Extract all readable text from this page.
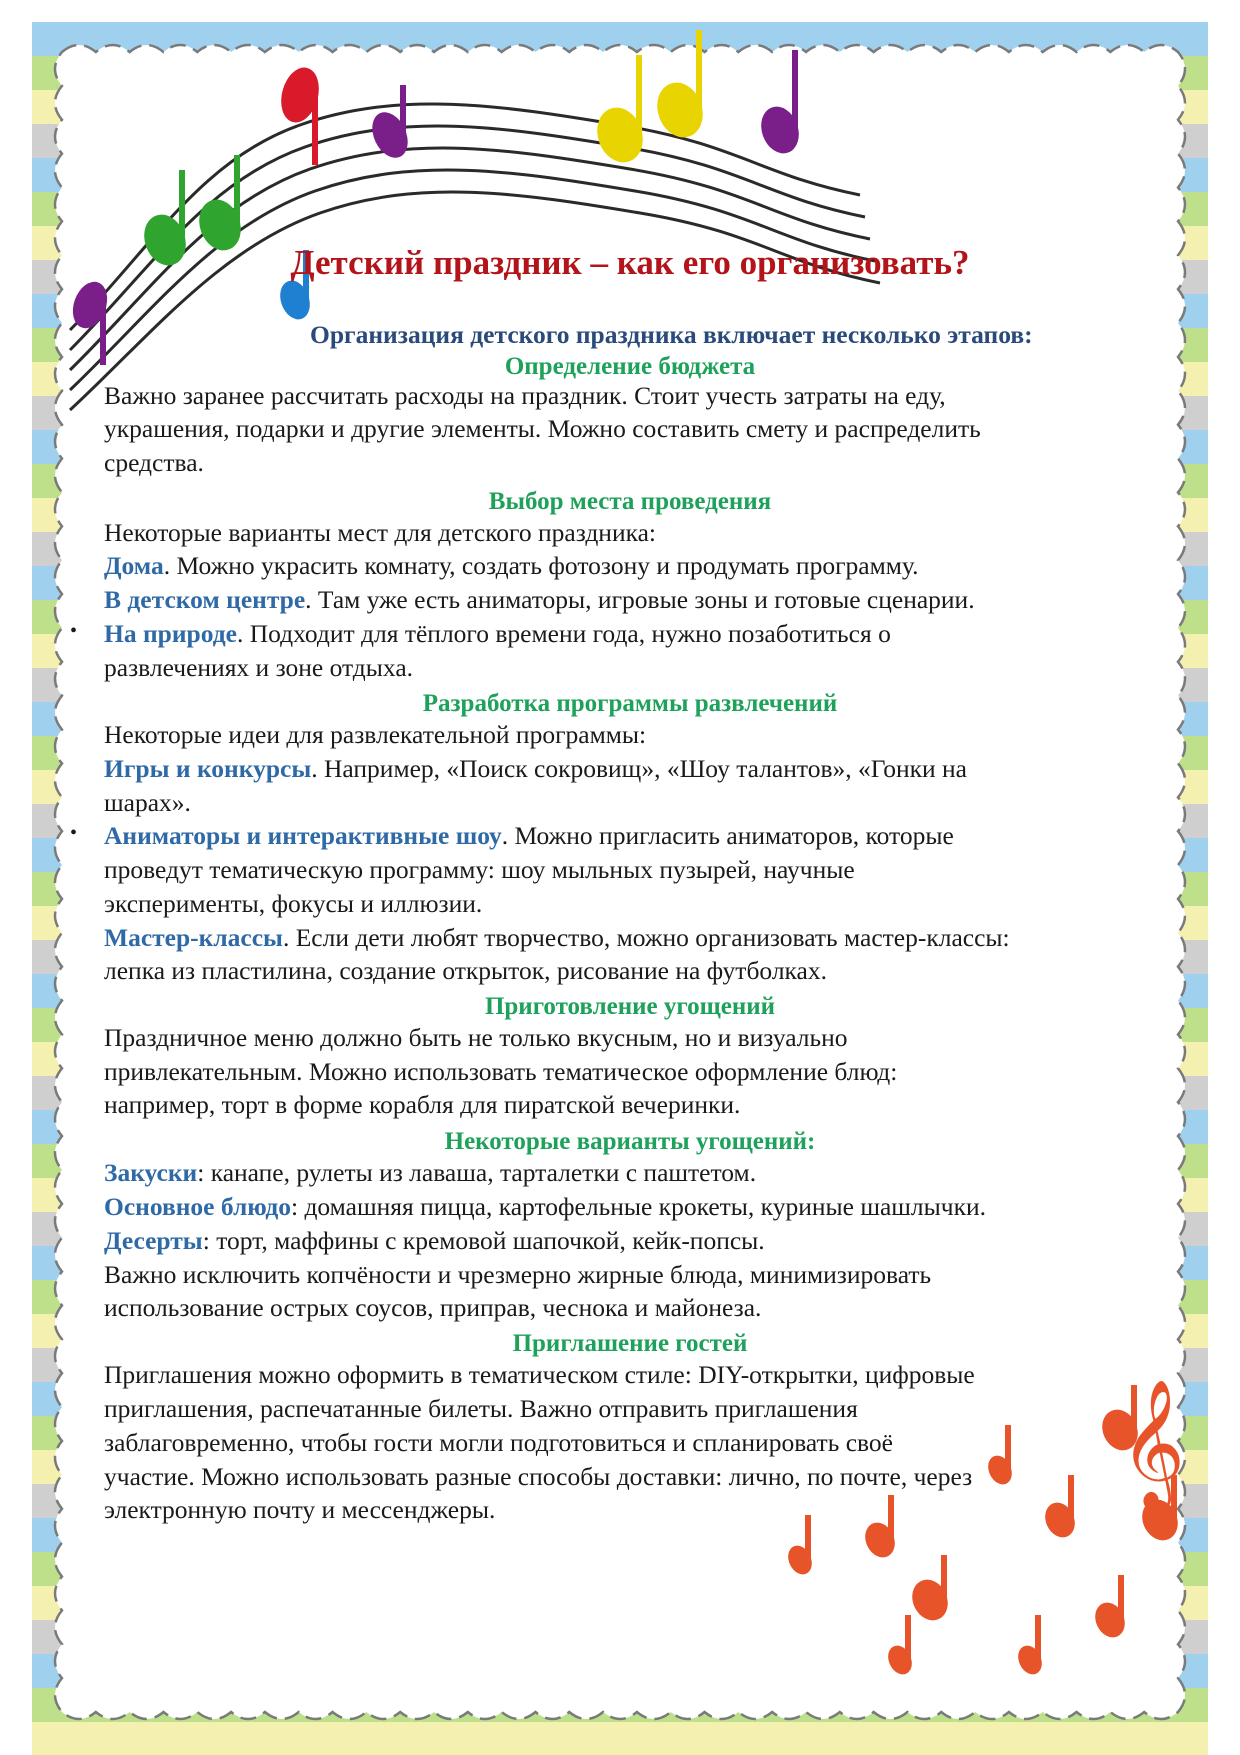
𝄞
Детский праздник – как его организовать?
Организация детского праздника включает несколько этапов:
Определение бюджета
Важно заранее рассчитать расходы на праздник. Стоит учесть затраты на еду,
украшения, подарки и другие элементы. Можно составить смету и распределить
средства.
Выбор места проведения
Некоторые варианты мест для детского праздника:
Дома. Можно украсить комнату, создать фотозону и продумать программу.
В детском центре. Там уже есть аниматоры, игровые зоны и готовые сценарии.
• На природе. Подходит для тёплого времени года, нужно позаботиться о
развлечениях и зоне отдыха.
Разработка программы развлечений
Некоторые идеи для развлекательной программы:
Игры и конкурсы. Например, «Поиск сокровищ», «Шоу талантов», «Гонки на
шарах».
• Аниматоры и интерактивные шоу. Можно пригласить аниматоров, которые
проведут тематическую программу: шоу мыльных пузырей, научные
эксперименты, фокусы и иллюзии.
Мастер-классы. Если дети любят творчество, можно организовать мастер-классы:
лепка из пластилина, создание открыток, рисование на футболках.
Приготовление угощений
Праздничное меню должно быть не только вкусным, но и визуально
привлекательным. Можно использовать тематическое оформление блюд:
например, торт в форме корабля для пиратской вечеринки.
Некоторые варианты угощений:
Закуски: канапе, рулеты из лаваша, тарталетки с паштетом.
Основное блюдо: домашняя пицца, картофельные крокеты, куриные шашлычки.
Десерты: торт, маффины с кремовой шапочкой, кейк-попсы.
Важно исключить копчёности и чрезмерно жирные блюда, минимизировать
использование острых соусов, приправ, чеснока и майонеза.
Приглашение гостей
Приглашения можно оформить в тематическом стиле: DIY-открытки, цифровые
приглашения, распечатанные билеты. Важно отправить приглашения
заблаговременно, чтобы гости могли подготовиться и спланировать своё
участие. Можно использовать разные способы доставки: лично, по почте, через
электронную почту и мессенджеры.
